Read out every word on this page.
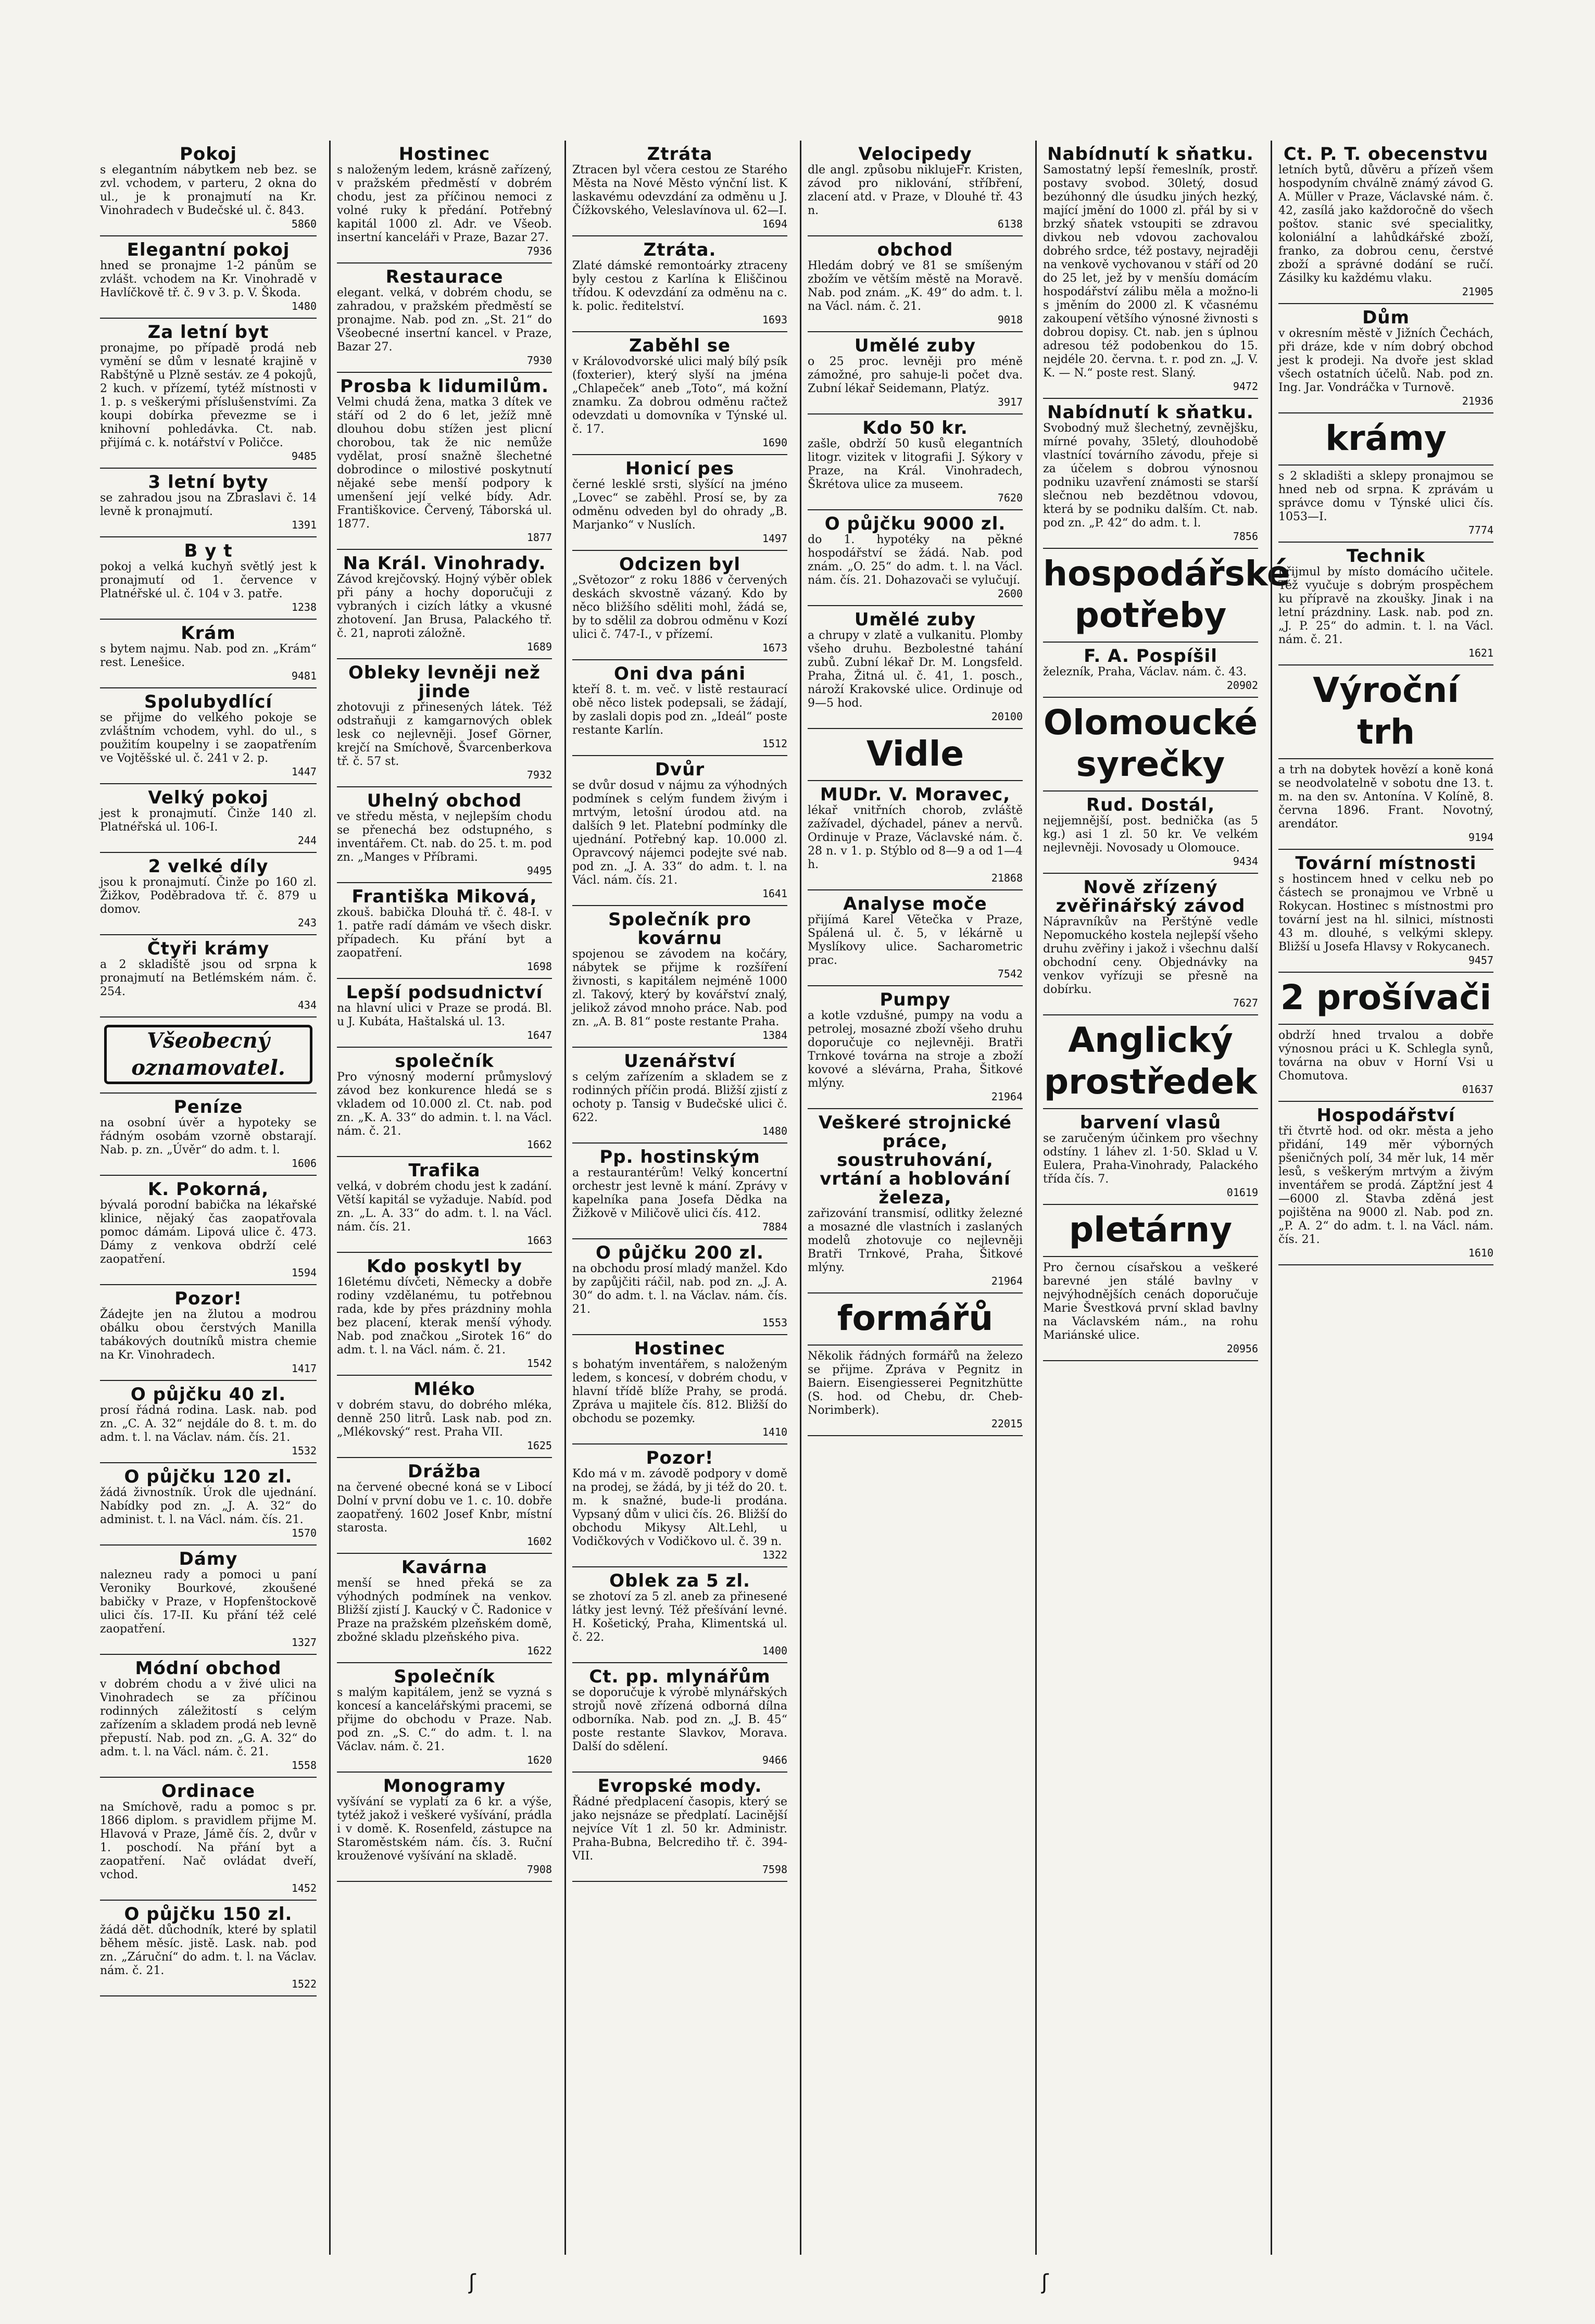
Pokoj
s elegantním nábytkem neb bez. se zvl. vchodem, v parteru, 2 okna do ul., je k pronajmutí na Kr. Vinohradech v Budečské ul. č. 843.
5860
Elegantní pokoj
hned se pronajme 1-2 pánům se zvlášt. vchodem na Kr. Vinohradě v Havlíčkově tř. č. 9 v 3. p. V. Škoda.
1480
Za letní byt
pronajme, po případě prodá neb vymění se dům v lesnaté krajině v Rabštýně u Plzně sestáv. ze 4 pokojů, 2 kuch. v přízemí, tytéž místnosti v 1. p. s veškerými příslušenstvími. Za koupi dobírka převezme se i knihovní pohledávka. Ct. nab. přijímá c. k. notářství v Poličce.
9485
3 letní byty
se zahradou jsou na Zbraslavi č. 14 levně k pronajmutí.
1391
B y t
pokoj a velká kuchyň světlý jest k pronajmutí od 1. července v Platnéřské ul. č. 104 v 3. patře.
1238
Krám
s bytem najmu. Nab. pod zn. „Krám“ rest. Lenešice.
9481
Spolubydlící
se přijme do velkého pokoje se zvláštním vchodem, vyhl. do ul., s použitím koupelny i se zaopatřením ve Vojtěšské ul. č. 241 v 2. p.
1447
Velký pokoj
jest k pronajmutí. Činže 140 zl. Platnéřská ul. 106-I.
244
2 velké díly
jsou k pronajmutí. Činže po 160 zl. Žižkov, Poděbradova tř. č. 879 u domov.
243
Čtyři krámy
a 2 skladiště jsou od srpna k pronajmutí na Betlémském nám. č. 254.
434
Všeobecný oznamovatel.
Peníze
na osobní úvěr a hypoteky se řádným osobám vzorně obstarají. Nab. p. zn. „Úvěr“ do adm. t. l.
1606
K. Pokorná,
bývalá porodní babička na lékařské klinice, nějaký čas zaopatřovala pomoc dámám. Lipová ulice č. 473. Dámy z venkova obdrží celé zaopatření.
1594
Pozor!
Žádejte jen na žlutou a modrou obálku obou čerstvých Manilla tabákových doutníků mistra chemie na Kr. Vinohradech.
1417
O půjčku 40 zl.
prosí řádná rodina. Lask. nab. pod zn. „C. A. 32“ nejdále do 8. t. m. do adm. t. l. na Václav. nám. čís. 21.
1532
O půjčku 120 zl.
žádá živnostník. Úrok dle ujednání. Nabídky pod zn. „J. A. 32“ do administ. t. l. na Václ. nám. čís. 21.
1570
Dámy
nalezneu rady a pomoci u paní Veroniky Bourkové, zkoušené babičky v Praze, v Hopfenštockově ulici čís. 17-II. Ku přání též celé zaopatření.
1327
Módní obchod
v dobrém chodu a v živé ulici na Vinohradech se za příčinou rodinných záležitostí s celým zařízením a skladem prodá neb levně přepustí. Nab. pod zn. „G. A. 32“ do adm. t. l. na Václ. nám. č. 21.
1558
Ordinace
na Smíchově, radu a pomoc s pr. 1866 diplom. s pravidlem přijme M. Hlavová v Praze, Jámě čís. 2, dvůr v 1. poschodí. Na přání byt a zaopatření. Nač ovládat dveří, vchod.
1452
O půjčku 150 zl.
žádá dět. důchodník, které by splatil během měsíc. jistě. Lask. nab. pod zn. „Záruční“ do adm. t. l. na Václav. nám. č. 21.
1522
Hostinec
s naloženým ledem, krásně zařízený, v pražském předměstí v dobrém chodu, jest za příčinou nemoci z volné ruky k předání. Potřebný kapitál 1000 zl. Adr. ve Všeob. insertní kanceláři v Praze, Bazar 27.
7936
Restaurace
elegant. velká, v dobrém chodu, se zahradou, v pražském předměstí se pronajme. Nab. pod zn. „St. 21“ do Všeobecné insertní kancel. v Praze, Bazar 27.
7930
Prosba k lidumilům.
Velmi chudá žena, matka 3 dítek ve stáří od 2 do 6 let, ježíž mně dlouhou dobu stížen jest plicní chorobou, tak že nic nemůže vydělat, prosí snažně šlechetné dobrodince o milostivé poskytnutí nějaké sebe menší podpory k umenšení její velké bídy. Adr. Františkovice. Červený, Táborská ul. 1877.
1877
Na Král. Vinohrady.
Závod krejčovský. Hojný výběr oblek při pány a hochy doporučuji z vybraných i cizích látky a vkusné zhotovení. Jan Brusa, Palackého tř. č. 21, naproti záložně.
1689
Obleky levněji než jinde
zhotovuji z přinesených látek. Též odstraňuji z kamgarnových oblek lesk co nejlevněji. Josef Görner, krejčí na Smíchově, Švarcenberkova tř. č. 57 st.
7932
Uhelný obchod
ve středu města, v nejlepším chodu se přenechá bez odstupného, s inventářem. Ct. nab. do 25. t. m. pod zn. „Manges v Příbrami.
9495
Františka Miková,
zkouš. babička Dlouhá tř. č. 48-I. v 1. patře radí dámám ve všech diskr. případech. Ku přání byt a zaopatření.
1698
Lepší podsudnictví
na hlavní ulici v Praze se prodá. Bl. u J. Kubáta, Haštalská ul. 13.
1647
společník
Pro výnosný moderní průmyslový závod bez konkurence hledá se s vkladem od 10.000 zl. Ct. nab. pod zn. „K. A. 33“ do admin. t. l. na Václ. nám. č. 21.
1662
Trafika
velká, v dobrém chodu jest k zadání. Větší kapitál se vyžaduje. Nabíd. pod zn. „L. A. 33“ do adm. t. l. na Václ. nám. čís. 21.
1663
Kdo poskytl by
16letému dívčeti, Německy a dobře rodiny vzdělanému, tu potřebnou rada, kde by přes prázdniny mohla bez placení, kterak menší výhody. Nab. pod značkou „Sirotek 16“ do adm. t. l. na Václ. nám. č. 21.
1542
Mléko
v dobrém stavu, do dobrého mléka, denně 250 litrů. Lask nab. pod zn. „Mlékovský“ rest. Praha VII.
1625
Drážba
na červené obecné koná se v Libocí Dolní v první dobu ve 1. c. 10. dobře zaopatřený. 1602 Josef Knbr, místní starosta.
1602
Kavárna
menší se hned překá se za výhodných podmínek na venkov. Bližší zjistí J. Kaucký v Č. Radonice v Praze na pražském plzeňském domě, zbožné skladu plzeňského piva.
1622
Společník
s malým kapitálem, jenž se vyzná s koncesí a kancelářskými pracemi, se přijme do obchodu v Praze. Nab. pod zn. „S. C.“ do adm. t. l. na Václav. nám. č. 21.
1620
Monogramy
vyšívání se vyplatí za 6 kr. a výše, tytéž jakož i veškeré vyšívání, prádla i v domě. K. Rosenfeld, zástupce na Staroměstském nám. čís. 3. Ruční krouženové vyšívání na skladě.
7908
Ztráta
Ztracen byl včera cestou ze Starého Města na Nové Město výnční list. K laskavému odevzdání za odměnu u J. Čížkovského, Veleslavínova ul. 62—I.
1694
Ztráta.
Zlaté dámské remontoárky ztraceny byly cestou z Karlína k Eliščinou třídou. K odevzdání za odměnu na c. k. polic. ředitelství.
1693
Zaběhl se
v Královodvorské ulici malý bílý psík (foxterier), který slyší na jména „Chlapeček“ aneb „Toto“, má kožní znamku. Za dobrou odměnu račtež odevzdati u domovníka v Týnské ul. č. 17.
1690
Honicí pes
černé lesklé srsti, slyšící na jméno „Lovec“ se zaběhl. Prosí se, by za odměnu odveden byl do ohrady „B. Marjanko“ v Nuslích.
1497
Odcizen byl
„Světozor“ z roku 1886 v červených deskách skvostně vázaný. Kdo by něco bližšího sděliti mohl, žádá se, by to sdělil za dobrou odměnu v Kozí ulici č. 747-I., v přízemí.
1673
Oni dva páni
kteří 8. t. m. več. v listě restaurací obě něco listek podepsali, se žádají, by zaslali dopis pod zn. „Ideál“ poste restante Karlín.
1512
Dvůr
se dvůr dosud v nájmu za výhodných podmínek s celým fundem živým i mrtvým, letošní úrodou atd. na dalších 9 let. Platební podmínky dle ujednání. Potřebný kap. 10.000 zl. Opravcový nájemci podejte své nab. pod zn. „J. A. 33“ do adm. t. l. na Václ. nám. čís. 21.
1641
Společník pro kovárnu
spojenou se závodem na kočáry, nábytek se přijme k rozšíření živnosti, s kapitálem nejméně 1000 zl. Takový, který by kovářství znalý, jelikož závod mnoho práce. Nab. pod zn. „A. B. 81“ poste restante Praha.
1384
Uzenářství
s celým zařízením a skladem se z rodinných příčin prodá. Bližší zjistí z ochoty p. Tansig v Budečské ulici č. 622.
1480
Pp. hostinským
a restaurantérům! Velký koncertní orchestr jest levně k mání. Zprávy v kapelníka pana Josefa Dědka na Žižkově v Miličově ulici čís. 412.
7884
O půjčku 200 zl.
na obchodu prosí mladý manžel. Kdo by zapůjčiti ráčil, nab. pod zn. „J. A. 30“ do adm. t. l. na Václav. nám. čís. 21.
1553
Hostinec
s bohatým inventářem, s naloženým ledem, s koncesí, v dobrém chodu, v hlavní třídě blíže Prahy, se prodá. Zpráva u majitele čís. 812. Bližší do obchodu se pozemky.
1410
Pozor!
Kdo má v m. závodě podpory v domě na prodej, se žádá, by ji též do 20. t. m. k snažné, bude-li prodána. Vypsaný dům v ulici čís. 26. Bližší do obchodu Mikysy Alt.Lehl, u Vodičkových v Vodičkovo ul. č. 39 n.
1322
Oblek za 5 zl.
se zhotoví za 5 zl. aneb za přinesené látky jest levný. Též přešívání levné. H. Košetický, Praha, Klimentská ul. č. 22.
1400
Ct. pp. mlynářům
se doporučuje k výrobě mlynářských strojů nově zřízená odborná dílna odborníka. Nab. pod zn. „J. B. 45“ poste restante Slavkov, Morava. Další do sdělení.
9466
Evropské mody.
Řádné předplacení časopis, který se jako nejsnáze se předplatí. Lacinější nejvíce Vít 1 zl. 50 kr. Administr. Praha-Bubna, Belcrediho tř. č. 394-VII.
7598
Velocipedy
dle angl. způsobu niklujeFr. Kristen, závod pro niklování, stříbření, zlacení atd. v Praze, v Dlouhé tř. 43 n.
6138
obchod
Hledám dobrý ve 81 se smíšeným zbožím ve větším městě na Moravě. Nab. pod znám. „K. 49“ do adm. t. l. na Václ. nám. č. 21.
9018
Umělé zuby
o 25 proc. levněji pro méně zámožné, pro sahuje-li počet dva. Zubní lékař Seidemann, Platýz.
3917
Kdo 50 kr.
zašle, obdrží 50 kusů elegantních litogr. vizitek v litografii J. Sýkory v Praze, na Král. Vinohradech, Škrétova ulice za museem.
7620
O půjčku 9000 zl.
do 1. hypotéky na pěkné hospodářství se žádá. Nab. pod znám. „O. 25“ do adm. t. l. na Václ. nám. čís. 21. Dohazovači se vylučují.
2600
Umělé zuby
a chrupy v zlatě a vulkanitu. Plomby všeho druhu. Bezbolestné tahání zubů. Zubní lékař Dr. M. Longsfeld. Praha, Žitná ul. č. 41, 1. posch., nároží Krakovské ulice. Ordinuje od 9—5 hod.
20100
Vidle
MUDr. V. Moravec,
lékař vnitřních chorob, zvláště zažívadel, dýchadel, pánev a nervů. Ordinuje v Praze, Václavské nám. č. 28 n. v 1. p. Stýblo od 8—9 a od 1—4 h.
21868
Analyse moče
přijímá Karel Větečka v Praze, Spálená ul. č. 5, v lékárně u Myslíkovy ulice. Sacharometric prac.
7542
Pumpy
a kotle vzdušné, pumpy na vodu a petrolej, mosazné zboží všeho druhu doporučuje co nejlevněji. Bratři Trnkové továrna na stroje a zboží kovové a slévárna, Praha, Šitkové mlýny.
21964
Veškeré strojnické práce, soustruhování, vrtání a hoblování železa,
zařizování transmisí, odlitky železné a mosazné dle vlastních i zaslaných modelů zhotovuje co nejlevněji Bratři Trnkové, Praha, Šitkové mlýny.
21964
formářů
Několik řádných formářů na železo se přijme. Zpráva v Pegnitz in Baiern. Eisengiesserei Pegnitzhütte (S. hod. od Chebu, dr. Cheb-Norimberk).
22015
Nabídnutí k sňatku.
Samostatný lepší řemeslník, prostř. postavy svobod. 30letý, dosud bezúhonný dle úsudku jiných hezký, mající jmění do 1000 zl. přál by si v brzký sňatek vstoupiti se zdravou divkou neb vdovou zachovalou dobrého srdce, též postavy, nejraději na venkově vychovanou v stáří od 20 do 25 let, jež by v menšíu domácím hospodářství zálibu měla a možno-li s jměním do 2000 zl. K včasnému zakoupení většího výnosné živnosti s dobrou dopisy. Ct. nab. jen s úplnou adresou též podobenkou do 15. nejdéle 20. června. t. r. pod zn. „J. V. K. — N.“ poste rest. Slaný.
9472
Nabídnutí k sňatku.
Svobodný muž šlechetný, zevnějšku, mírné povahy, 35letý, dlouhodobě vlastnící továrního závodu, přeje si za účelem s dobrou výnosnou podniku uzavření známosti se starší slečnou neb bezdětnou vdovou, která by se podniku dalším. Ct. nab. pod zn. „P. 42“ do adm. t. l.
7856
hospodářské potřeby
F. A. Pospíšil
železník, Praha, Václav. nám. č. 43.
20902
Olomoucké syrečky
Rud. Dostál,
nejjemnější, post. bednička (as 5 kg.) asi 1 zl. 50 kr. Ve velkém nejlevněji. Novosady u Olomouce.
9434
Nově zřízený zvěřinářský závod
Nápravníkův na Perštýně vedle Nepomuckého kostela nejlepší všeho druhu zvěřiny i jakož i všechnu další obchodní ceny. Objednávky na venkov vyřízuji se přesně na dobírku.
7627
Anglický prostředek
barvení vlasů
se zaručeným účinkem pro všechny odstíny. 1 láhev zl. 1·50. Sklad u V. Eulera, Praha-Vinohrady, Palackého třída čís. 7.
01619
pletárny
Pro černou císařskou a veškeré barevné jen stálé bavlny v nejvýhodnějších cenách doporučuje Marie Švestková první sklad bavlny na Václavském nám., na rohu Mariánské ulice.
20956
Ct. P. T. obecenstvu
letních bytů, důvěru a přízeň všem hospodyním chválně známý závod G. A. Müller v Praze, Václavské nám. č. 42, zasílá jako každoročně do všech poštov. stanic své specialitky, koloniální a lahůdkářské zboží, franko, za dobrou cenu, čerstvé zboží a správné dodání se ručí. Zásilky ku každému vlaku.
21905
Dům
v okresním městě v Jižních Čechách, při dráze, kde v ním dobrý obchod jest k prodeji. Na dvoře jest sklad všech ostatních účelů. Nab. pod zn. Ing. Jar. Vondráčka v Turnově.
21936
krámy
s 2 skladišti a sklepy pronajmou se hned neb od srpna. K zprávám u správce domu v Týnské ulici čís. 1053—I.
7774
Technik
přijmul by místo domácího učitele. Též vyučuje s dobrým prospěchem ku přípravě na zkoušky. Jinak i na letní prázdniny. Lask. nab. pod zn. „J. P. 25“ do admin. t. l. na Václ. nám. č. 21.
1621
Výroční trh
a trh na dobytek hovězí a koně koná se neodvolatelně v sobotu dne 13. t. m. na den sv. Antonína. V Kolíně, 8. června 1896. Frant. Novotný, arendátor.
9194
Tovární místnosti
s hostincem hned v celku neb po částech se pronajmou ve Vrbně u Rokycan. Hostinec s místnostmi pro tovární jest na hl. silnici, místnosti 43 m. dlouhé, s velkými sklepy. Bližší u Josefa Hlavsy v Rokycanech.
9457
2 prošívači
obdrží hned trvalou a dobře výnosnou práci u K. Schlegla synů, továrna na obuv v Horní Vsi u Chomutova.
01637
Hospodářství
tři čtvrtě hod. od okr. města a jeho přidání, 149 měr výborných pšeničných polí, 34 měr luk, 14 měr lesů, s veškerým mrtvým a živým inventářem se prodá. Záptžní jest 4—6000 zl. Stavba zděná jest pojištěna na 9000 zl. Nab. pod zn. „P. A. 2“ do adm. t. l. na Václ. nám. čís. 21.
1610
ʃ	ʃ
